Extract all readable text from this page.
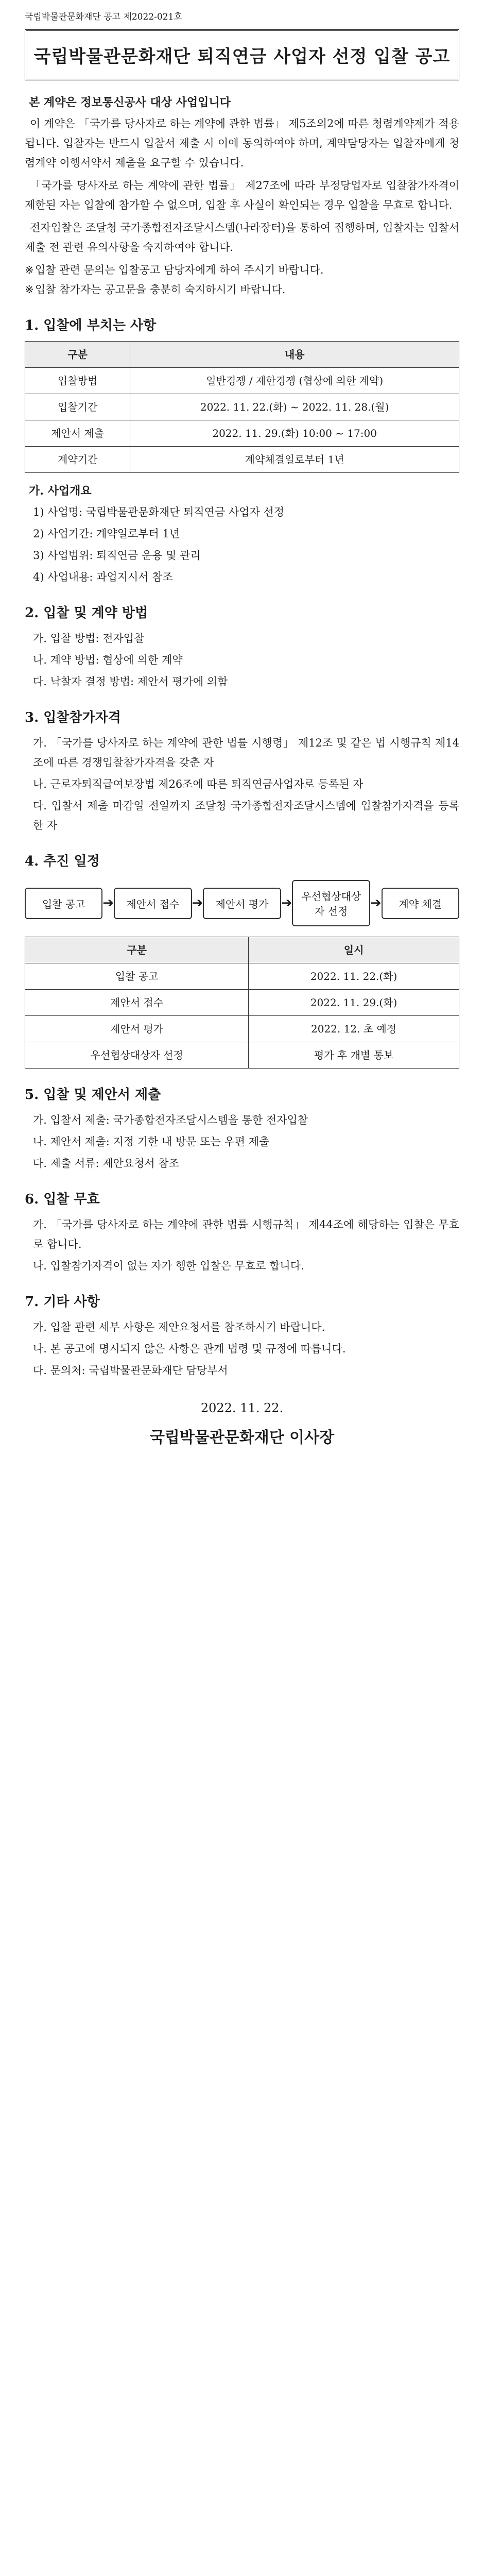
국립박물관문화재단 공고 제2022-021호
국립박물관문화재단 퇴직연금 사업자 선정 입찰 공고
본 계약은 정보통신공사 대상 사업입니다

이 계약은 「국가를 당사자로 하는 계약에 관한 법률」 제5조의2에 따른 청렴계약제가 적용됩니다. 입찰자는 반드시 입찰서 제출 시 이에 동의하여야 하며, 계약담당자는 입찰자에게 청렴계약 이행서약서 제출을 요구할 수 있습니다.

「국가를 당사자로 하는 계약에 관한 법률」 제27조에 따라 부정당업자로 입찰참가자격이 제한된 자는 입찰에 참가할 수 없으며, 입찰 후 사실이 확인되는 경우 입찰을 무효로 합니다.

전자입찰은 조달청 국가종합전자조달시스템(나라장터)을 통하여 집행하며, 입찰자는 입찰서 제출 전 관련 유의사항을 숙지하여야 합니다.

※ 입찰 관련 문의는 입찰공고 담당자에게 하여 주시기 바랍니다.
※ 입찰 참가자는 공고문을 충분히 숙지하시기 바랍니다.
1. 입찰에 부치는 사항
구분	내용
입찰방법	일반경쟁 / 제한경쟁 (협상에 의한 계약)
입찰기간	2022. 11. 22.(화) ~ 2022. 11. 28.(월)
제안서 제출	2022. 11. 29.(화) 10:00 ~ 17:00
계약기간	계약체결일로부터 1년
가. 사업개요
1) 사업명: 국립박물관문화재단 퇴직연금 사업자 선정
2) 사업기간: 계약일로부터 1년
3) 사업범위: 퇴직연금 운용 및 관리
4) 사업내용: 과업지시서 참조
2. 입찰 및 계약 방법
가. 입찰 방법: 전자입찰
나. 계약 방법: 협상에 의한 계약
다. 낙찰자 결정 방법: 제안서 평가에 의함
3. 입찰참가자격
가. 「국가를 당사자로 하는 계약에 관한 법률 시행령」 제12조 및 같은 법 시행규칙 제14조에 따른 경쟁입찰참가자격을 갖춘 자
나. 근로자퇴직급여보장법 제26조에 따른 퇴직연금사업자로 등록된 자
다. 입찰서 제출 마감일 전일까지 조달청 국가종합전자조달시스템에 입찰참가자격을 등록한 자
4. 추진 일정
입찰 공고	➔	제안서 접수 ➔	제안서 평가 ➔ 우선협상대상자 선정
➔	계약 체결
구분	일시
입찰 공고	2022. 11. 22.(화)
제안서 접수	2022. 11. 29.(화)
제안서 평가	2022. 12. 초 예정
우선협상대상자 선정	평가 후 개별 통보
5. 입찰 및 제안서 제출
가. 입찰서 제출: 국가종합전자조달시스템을 통한 전자입찰
나. 제안서 제출: 지정 기한 내 방문 또는 우편 제출
다. 제출 서류: 제안요청서 참조
6. 입찰 무효
가. 「국가를 당사자로 하는 계약에 관한 법률 시행규칙」 제44조에 해당하는 입찰은 무효로 합니다.
나. 입찰참가자격이 없는 자가 행한 입찰은 무효로 합니다.
7. 기타 사항
가. 입찰 관련 세부 사항은 제안요청서를 참조하시기 바랍니다.
나. 본 공고에 명시되지 않은 사항은 관계 법령 및 규정에 따릅니다.
다. 문의처: 국립박물관문화재단 담당부서
2022. 11. 22.
국립박물관문화재단 이사장
